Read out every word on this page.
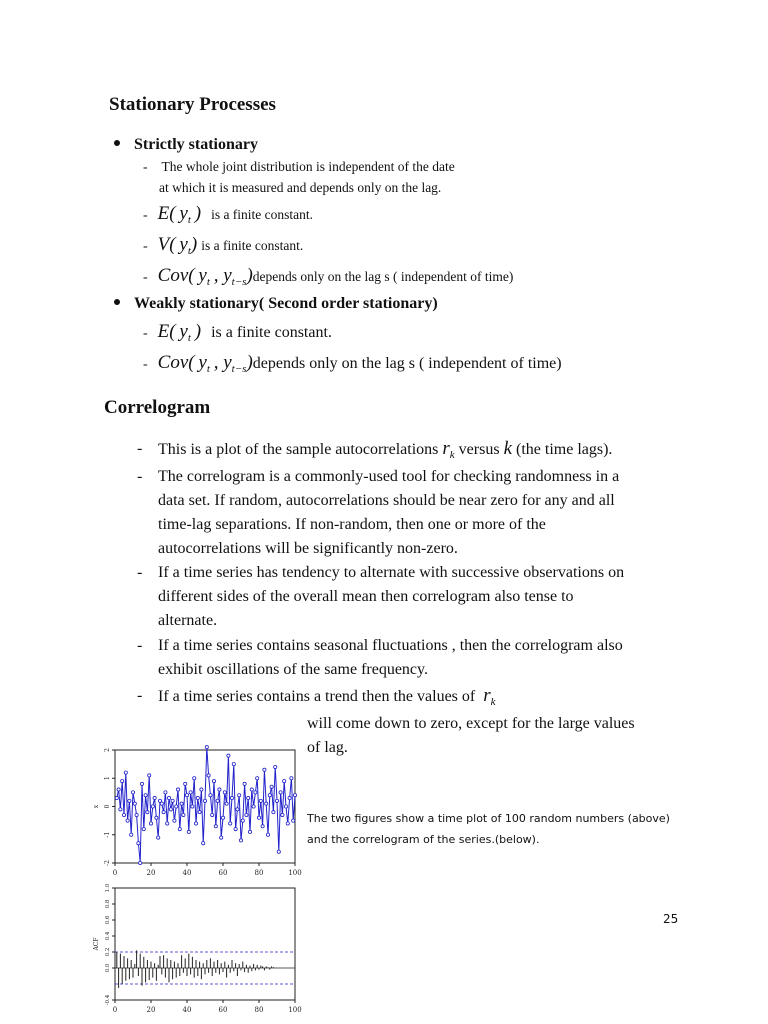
Stationary Processes
Strictly stationary
- The whole joint distribution is independent of the date
at which it is measured and depends only on the lag.
- E( $y_t$ ) is a finite constant.
- V( $y_t$) is a finite constant.
- Cov( $y_t$ , $y_{t-s})depends$ only on the lag s ( independent of time)
Weakly stationary( Second order stationary)
- E( $y_t$ ) is a finite constant.
- Cov( $y_t$ , $y_{t-s})depends$ only on the lag s ( independent of time)
Correlogram
- This is a plot of the sample autocorrelations $r_k$ versus k (the time lags).
- The correlogram is a commonly-used tool for checking randomness in a
data set. If random, autocorrelations should be near zero for any and all
time-lag separations. If non-random, then one or more of the
autocorrelations will be significantly non-zero.
- If a time series has tendency to alternate with successive observations on
different sides of the overall mean then correlogram also tense to
alternate.
- If a time series contains seasonal fluctuations , then the correlogram also
exhibit oscillations of the same frequency.
- If a time series contains a trend then the values of $r_k$
will come down to zero, except for the large values
of lag.
The two figures show a time plot of 100 random numbers (above)
and the correlogram of the series.(below).
25
0	20	40	60	80	100
-2
-1
0
1
2
x
0	20	40	60	80	100
-0.4
0.0
0.2
0.4
0.6
0.8
1.0
ACF
